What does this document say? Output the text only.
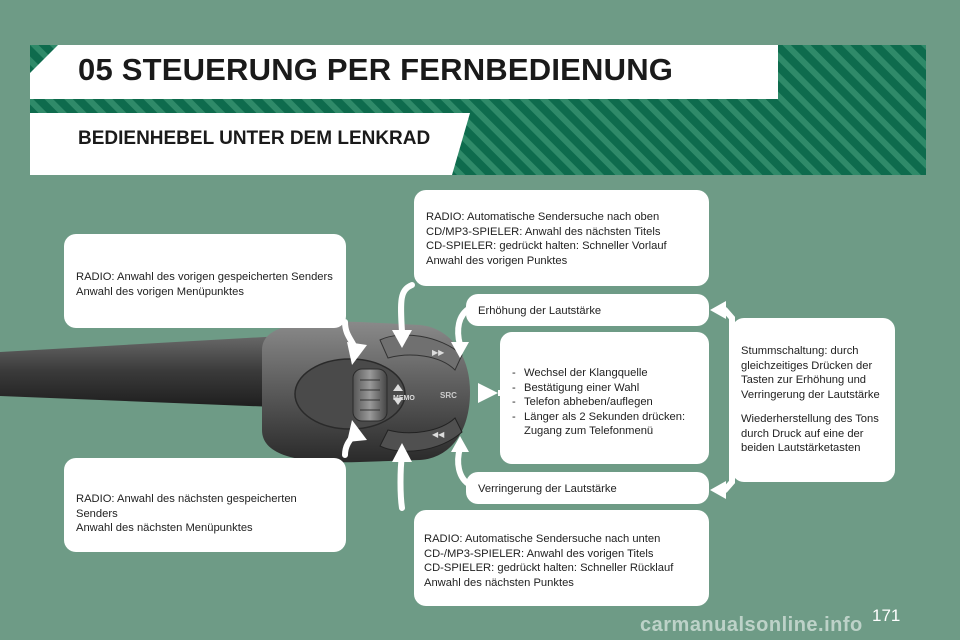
05 STEUERUNG PER FERNBEDIENUNG
BEDIENHEBEL UNTER DEM LENKRAD
MEMO
▶▶
◀◀
SRC

RADIO: Anwahl des vorigen gespeicherten Senders

Anwahl des vorigen Menüpunktes

RADIO: Anwahl des nächsten gespeicherten Senders

Anwahl des nächsten Menüpunktes

RADIO: Automatische Sendersuche nach oben

CD/MP3-SPIELER: Anwahl des nächsten Titels

CD-SPIELER: gedrückt halten: Schneller Vorlauf

Anwahl des vorigen Punktes

Erhöhung der Lautstärke

- Wechsel der Klangquelle
- Bestätigung einer Wahl
- Telefon abheben/auflegen
- Länger als 2 Sekunden drücken: Zugang zum Telefonmenü

Verringerung der Lautstärke

RADIO: Automatische Sendersuche nach unten

CD-/MP3-SPIELER: Anwahl des vorigen Titels

CD-SPIELER: gedrückt halten: Schneller Rücklauf

Anwahl des nächsten Punktes

Stummschaltung: durch

gleichzeitiges Drücken der

Tasten zur Erhöhung und

Verringerung der Lautstärke

Wiederherstellung des Tons

durch Druck auf eine der

beiden Lautstärketasten

carmanualsonline.info 171
